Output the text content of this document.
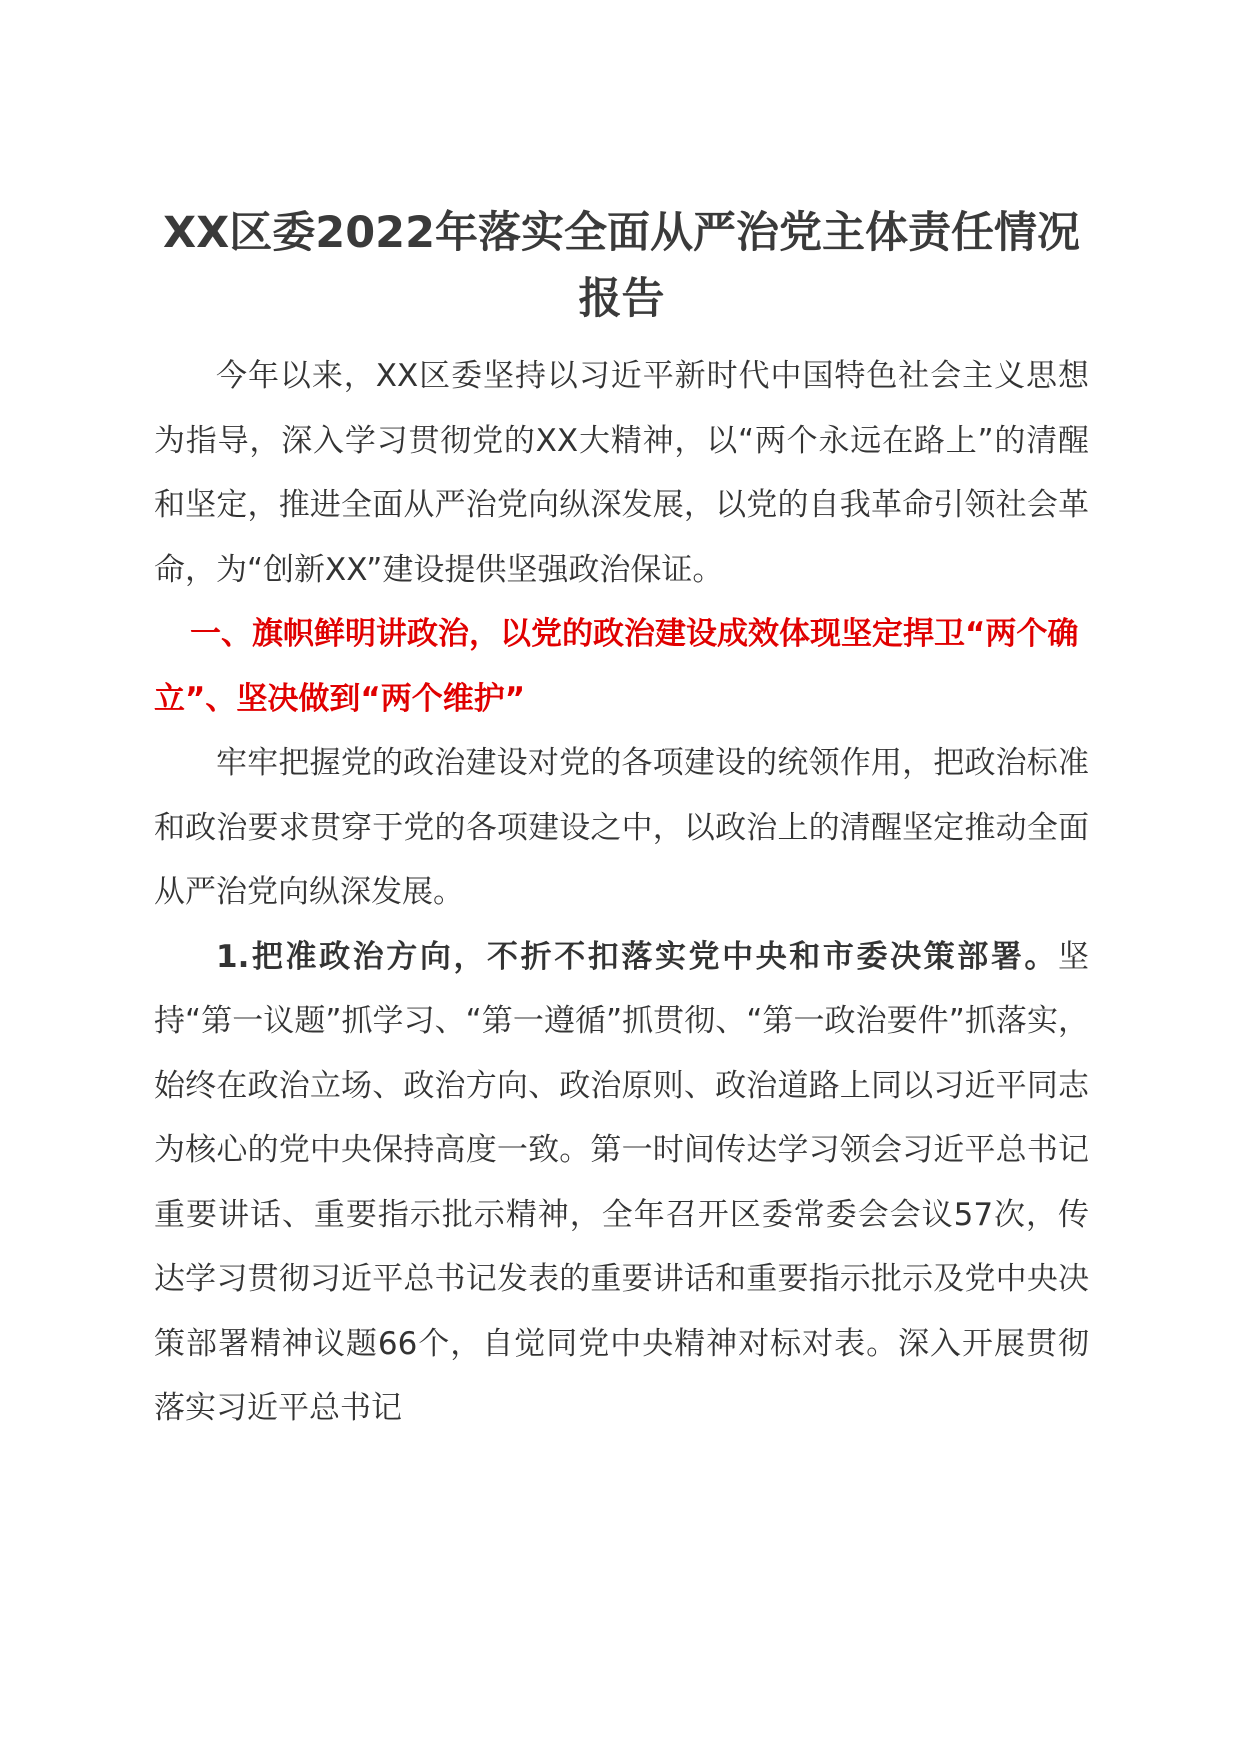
XX区委2022年落实全面从严治党主体责任情况报告

今年以来，XX区委坚持以习近平新时代中国特色社会主义思想为指导，深入学习贯彻党的XX大精神，以“两个永远在路上”的清醒和坚定，推进全面从严治党向纵深发展，以党的自我革命引领社会革命，为“创新XX”建设提供坚强政治保证。

一、旗帜鲜明讲政治，以党的政治建设成效体现坚定捍卫“两个确立”、坚决做到“两个维护”

牢牢把握党的政治建设对党的各项建设的统领作用，把政治标准和政治要求贯穿于党的各项建设之中，以政治上的清醒坚定推动全面从严治党向纵深发展。

1.把准政治方向，不折不扣落实党中央和市委决策部署。坚持“第一议题”抓学习、“第一遵循”抓贯彻、“第一政治要件”抓落实，始终在政治立场、政治方向、政治原则、政治道路上同以习近平同志为核心的党中央保持高度一致。第一时间传达学习领会习近平总书记重要讲话、重要指示批示精神，全年召开区委常委会会议57次，传达学习贯彻习近平总书记发表的重要讲话和重要指示批示及党中央决策部署精神议题66个，自觉同党中央精神对标对表。深入开展贯彻落实习近平总书记
